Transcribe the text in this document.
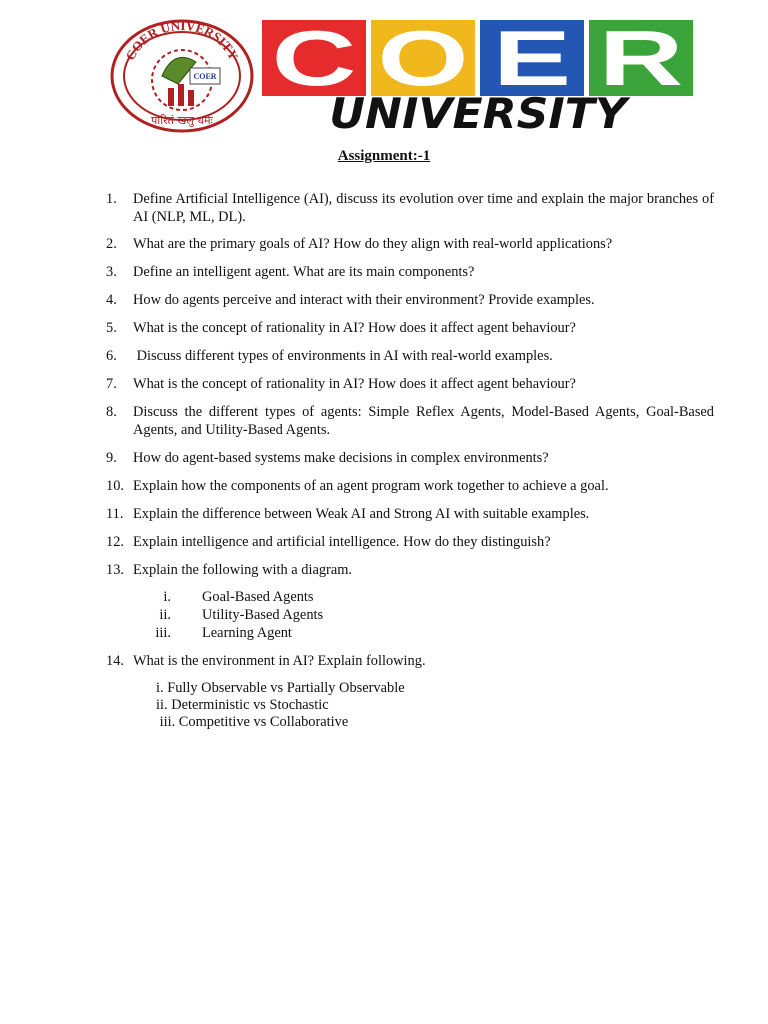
COER UNIVERSITY
COER
पारितं खलु धर्मः
C O E R
UNIVERSITY
Assignment:-1
1. Define Artificial Intelligence (AI), discuss its evolution over time and explain the major branches of AI (NLP, ML, DL).
2. What are the primary goals of AI? How do they align with real-world applications?
3. Define an intelligent agent. What are its main components?
4. How do agents perceive and interact with their environment? Provide examples.
5. What is the concept of rationality in AI? How does it affect agent behaviour?
6. Discuss different types of environments in AI with real-world examples.
7. What is the concept of rationality in AI? How does it affect agent behaviour?
8. Discuss the different types of agents: Simple Reflex Agents, Model-Based Agents, Goal-Based Agents, and Utility-Based Agents.
9. How do agent-based systems make decisions in complex environments?
10. Explain how the components of an agent program work together to achieve a goal.
11. Explain the difference between Weak AI and Strong AI with suitable examples.
12. Explain intelligence and artificial intelligence. How do they distinguish?
13. Explain the following with a diagram.
i. Goal-Based Agents
ii. Utility-Based Agents
iii. Learning Agent
14. What is the environment in AI? Explain following.
i. Fully Observable vs Partially Observable
ii. Deterministic vs Stochastic
iii. Competitive vs Collaborative
